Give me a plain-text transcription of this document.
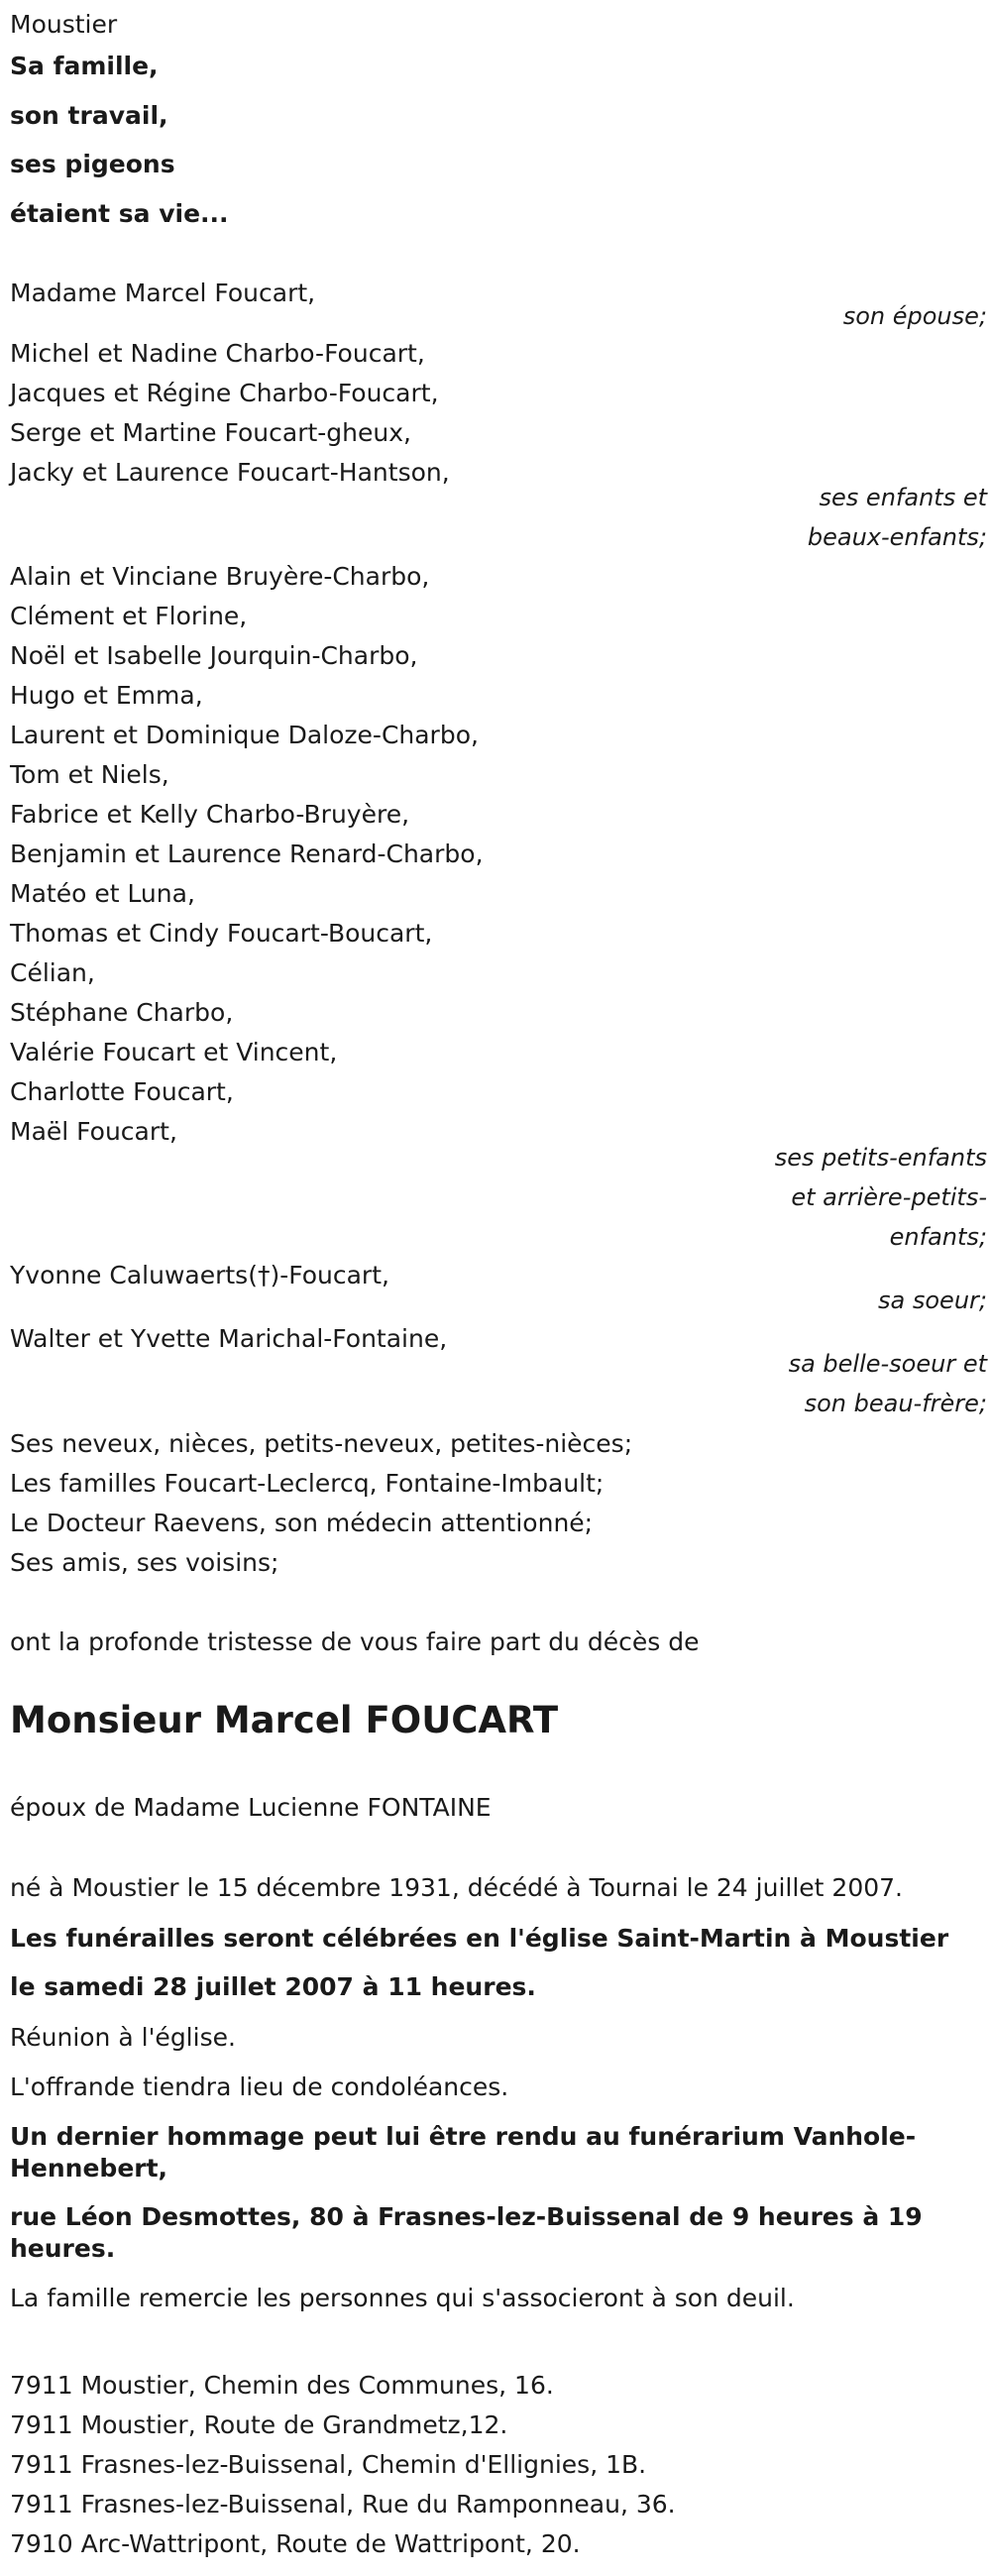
Moustier
Sa famille,
son travail,
ses pigeons
étaient sa vie...
Madame Marcel Foucart,
son épouse;
Michel et Nadine Charbo-Foucart,
Jacques et Régine Charbo-Foucart,
Serge et Martine Foucart-gheux,
Jacky et Laurence Foucart-Hantson,
ses enfants et
beaux-enfants;
Alain et Vinciane Bruyère-Charbo,
Clément et Florine,
Noël et Isabelle Jourquin-Charbo,
Hugo et Emma,
Laurent et Dominique Daloze-Charbo,
Tom et Niels,
Fabrice et Kelly Charbo-Bruyère,
Benjamin et Laurence Renard-Charbo,
Matéo et Luna,
Thomas et Cindy Foucart-Boucart,
Célian,
Stéphane Charbo,
Valérie Foucart et Vincent,
Charlotte Foucart,
Maël Foucart,
ses petits-enfants
et arrière-petits-
enfants;
Yvonne Caluwaerts(†)-Foucart,
sa soeur;
Walter et Yvette Marichal-Fontaine,
sa belle-soeur et
son beau-frère;
Ses neveux, nièces, petits-neveux, petites-nièces;
Les familles Foucart-Leclercq, Fontaine-Imbault;
Le Docteur Raevens, son médecin attentionné;
Ses amis, ses voisins;
ont la profonde tristesse de vous faire part du décès de
Monsieur Marcel FOUCART
époux de Madame Lucienne FONTAINE
né à Moustier le 15 décembre 1931, décédé à Tournai le 24 juillet 2007.
Les funérailles seront célébrées en l'église Saint-Martin à Moustier
le samedi 28 juillet 2007 à 11 heures.
Réunion à l'église.
L'offrande tiendra lieu de condoléances.
Un dernier hommage peut lui être rendu au funérarium Vanhole-
Hennebert,
rue Léon Desmottes, 80 à Frasnes-lez-Buissenal de 9 heures à 19
heures.
La famille remercie les personnes qui s'associeront à son deuil.
7911 Moustier, Chemin des Communes, 16.
7911 Moustier, Route de Grandmetz,12.
7911 Frasnes-lez-Buissenal, Chemin d'Ellignies, 1B.
7911 Frasnes-lez-Buissenal, Rue du Ramponneau, 36.
7910 Arc-Wattripont, Route de Wattripont, 20.
